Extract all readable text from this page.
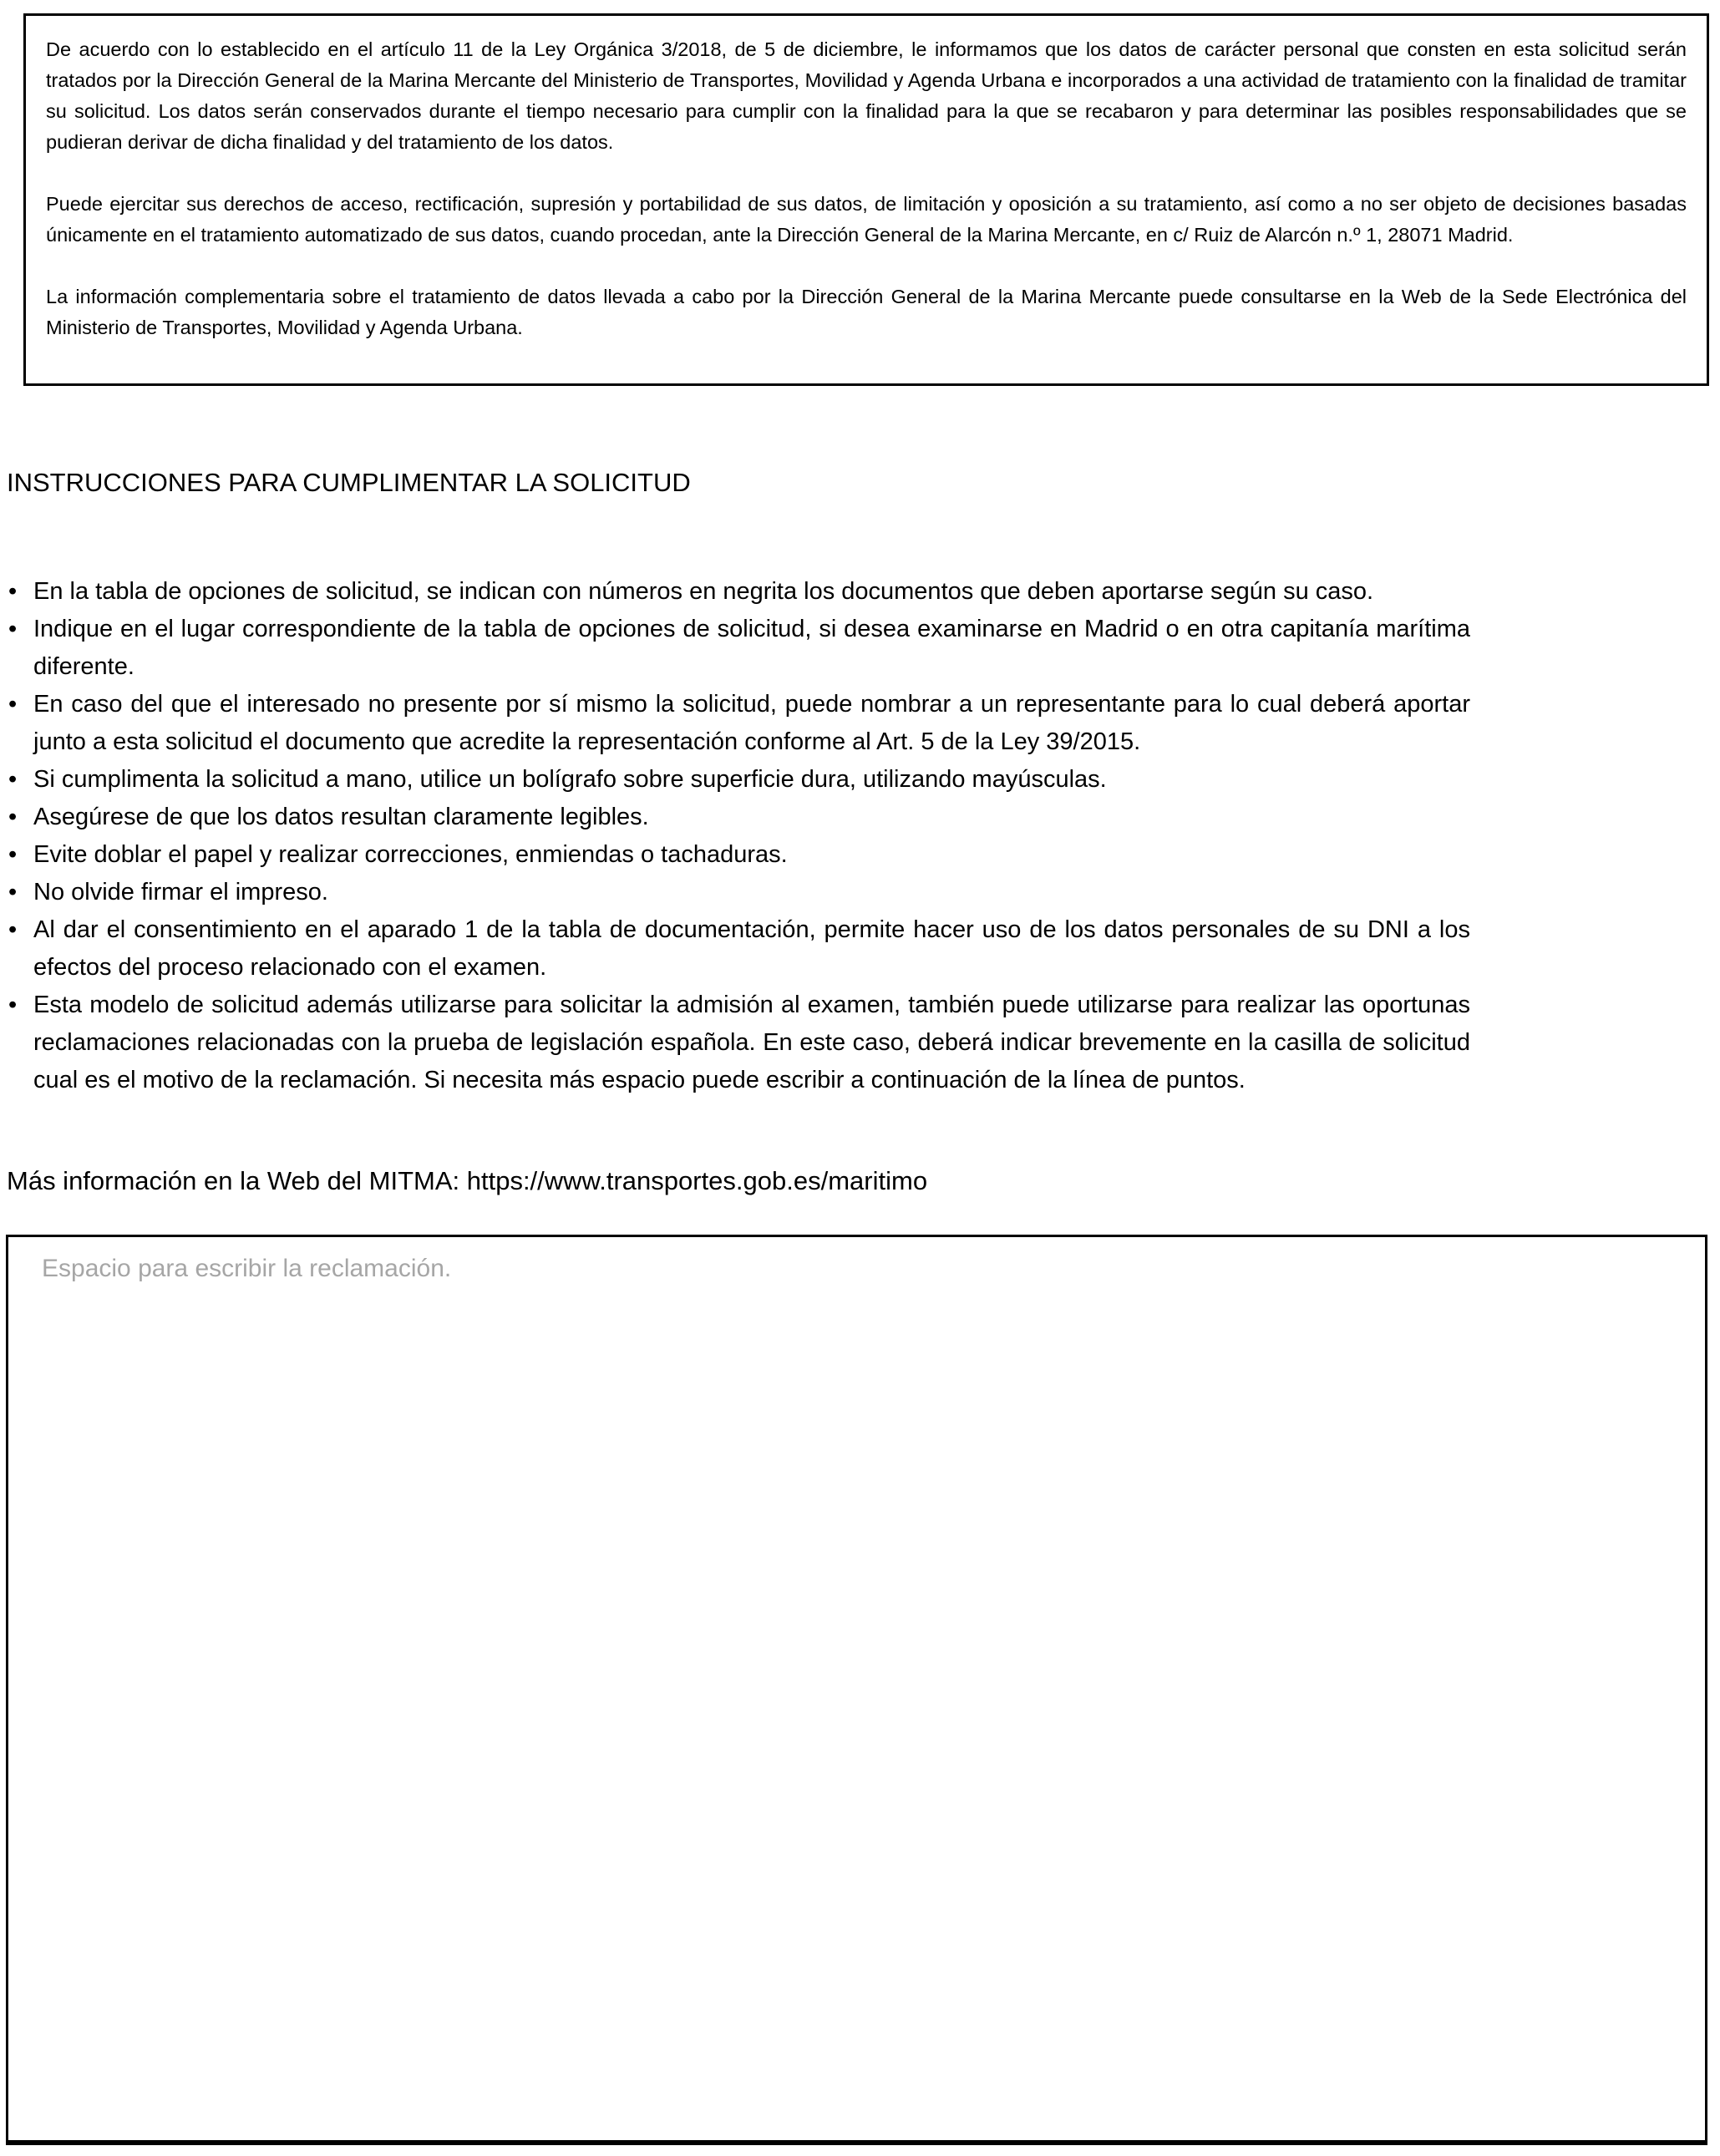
De acuerdo con lo establecido en el artículo 11 de la Ley Orgánica 3/2018, de 5 de diciembre, le informamos que los datos de carácter personal que consten en esta solicitud serán tratados por la Dirección General de la Marina Mercante del Ministerio de Transportes, Movilidad y Agenda Urbana e incorporados a una actividad de tratamiento con la finalidad de tramitar su solicitud. Los datos serán conservados durante el tiempo necesario para cumplir con la finalidad para la que se recabaron y para determinar las posibles responsabilidades que se pudieran derivar de dicha finalidad y del tratamiento de los datos.

Puede ejercitar sus derechos de acceso, rectificación, supresión y portabilidad de sus datos, de limitación y oposición a su tratamiento, así como a no ser objeto de decisiones basadas únicamente en el tratamiento automatizado de sus datos, cuando procedan, ante la Dirección General de la Marina Mercante, en c/ Ruiz de Alarcón n.º 1, 28071 Madrid.

La información complementaria sobre el tratamiento de datos llevada a cabo por la Dirección General de la Marina Mercante puede consultarse en la Web de la Sede Electrónica del Ministerio de Transportes, Movilidad y Agenda Urbana.

INSTRUCCIONES PARA CUMPLIMENTAR LA SOLICITUD
• En la tabla de opciones de solicitud, se indican con números en negrita los documentos que deben aportarse según su caso.
• Indique en el lugar correspondiente de la tabla de opciones de solicitud, si desea examinarse en Madrid o en otra capitanía marítima diferente.
• En caso del que el interesado no presente por sí mismo la solicitud, puede nombrar a un representante para lo cual deberá aportar junto a esta solicitud el documento que acredite la representación conforme al Art. 5 de la Ley 39/2015.
• Si cumplimenta la solicitud a mano, utilice un bolígrafo sobre superficie dura, utilizando mayúsculas.
• Asegúrese de que los datos resultan claramente legibles.
• Evite doblar el papel y realizar correcciones, enmiendas o tachaduras.
• No olvide firmar el impreso.
• Al dar el consentimiento en el aparado 1 de la tabla de documentación, permite hacer uso de los datos personales de su DNI a los efectos del proceso relacionado con el examen.
• Esta modelo de solicitud además utilizarse para solicitar la admisión al examen, también puede utilizarse para realizar las oportunas reclamaciones relacionadas con la prueba de legislación española. En este caso, deberá indicar brevemente en la casilla de solicitud cual es el motivo de la reclamación. Si necesita más espacio puede escribir a continuación de la línea de puntos.
Más información en la Web del MITMA: https://www.transportes.gob.es/maritimo
Espacio para escribir la reclamación.
